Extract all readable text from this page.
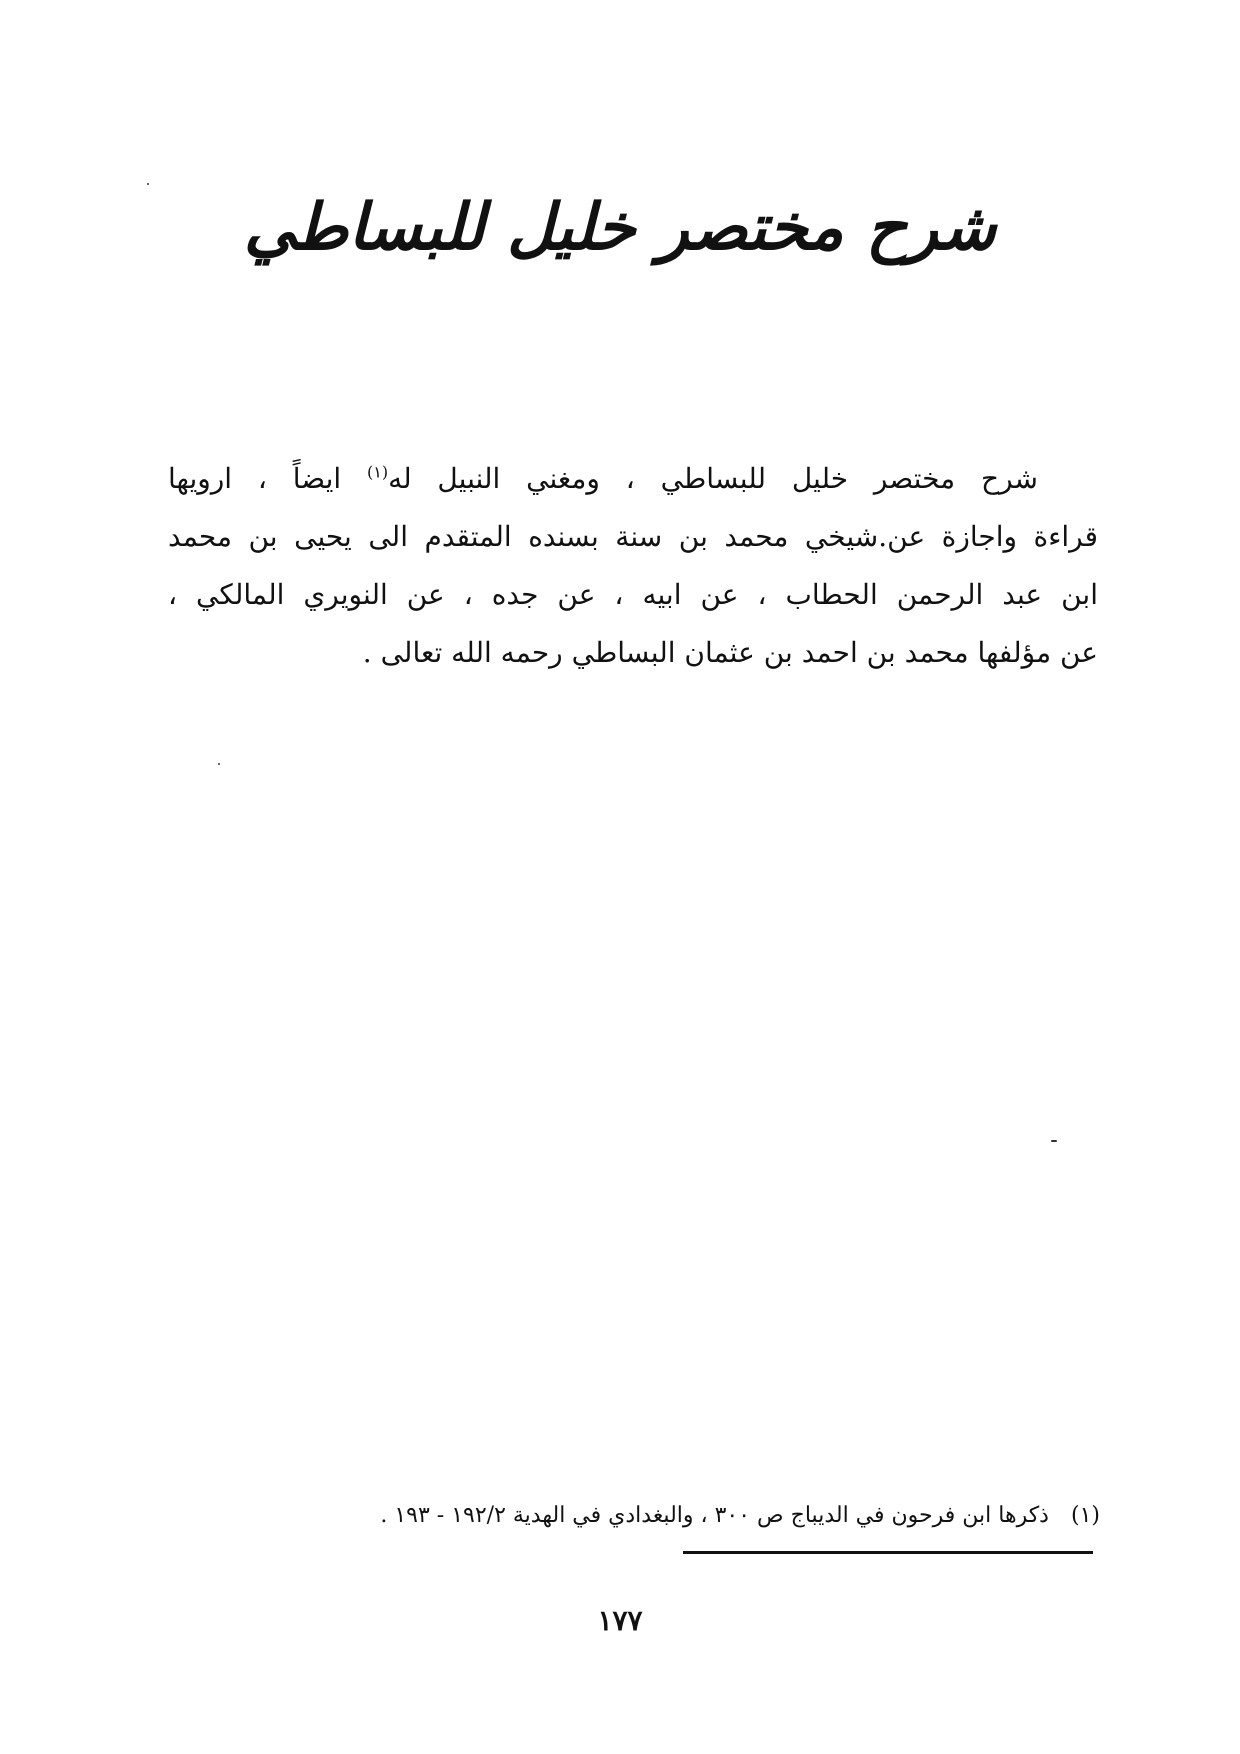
شرح مختصر خليل للبساطي
شرح مختصر خليل للبساطي ، ومغني النبيل له$^{(١)}$ ايضاً ، ارويها
قراءة واجازة عن.شيخي محمد بن سنة بسنده المتقدم الى يحيى بن محمد
ابن عبد الرحمن الحطاب ، عن ابيه ، عن جده ، عن النويري المالكي ،
عن مؤلفها محمد بن احمد بن عثمان البساطي رحمه الله تعالى .
(١)ذكرها ابن فرحون في الديباج ص ٣٠٠ ، والبغدادي في الهدية ١٩٢/٢ - ١٩٣ .
١٧٧
